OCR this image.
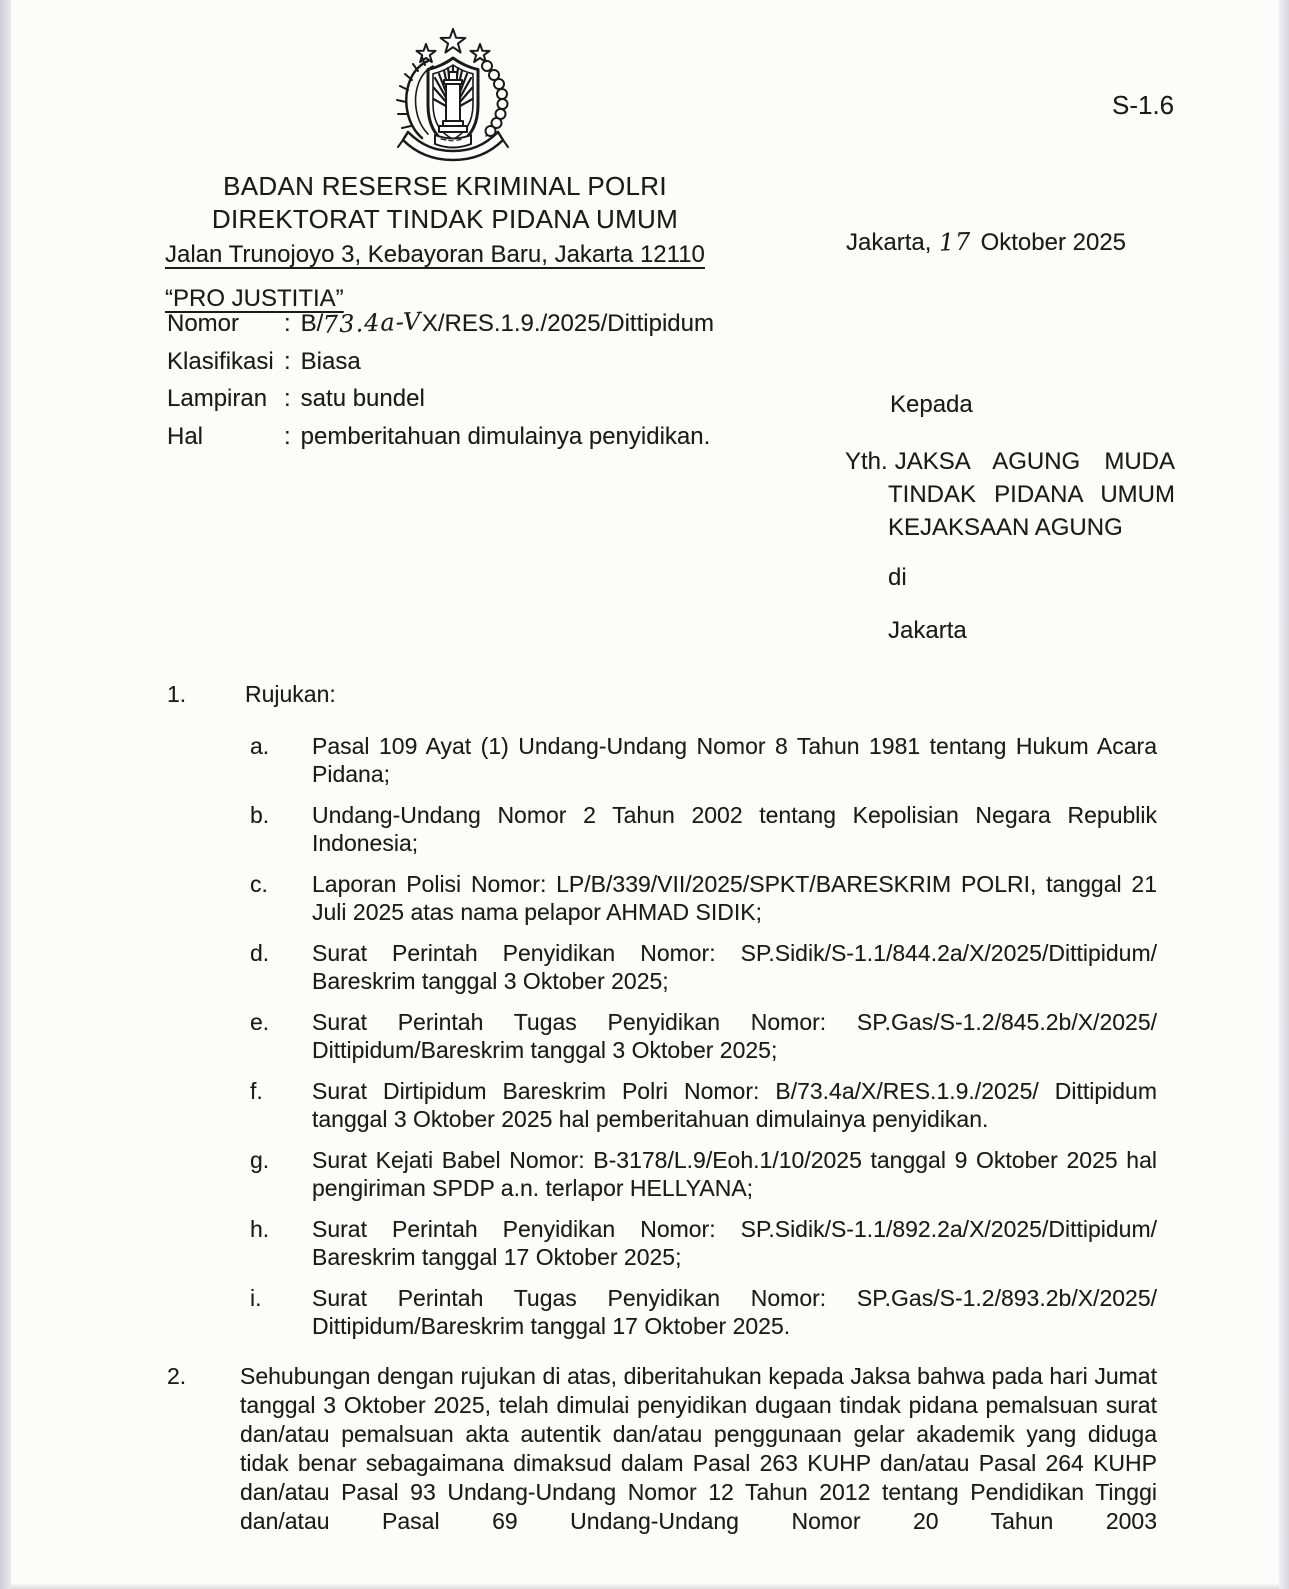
S-1.6
BADAN RESERSE KRIMINAL POLRI
DIREKTORAT TINDAK PIDANA UMUM
Jalan Trunojoyo 3, Kebayoran Baru, Jakarta 12110
“PRO JUSTITIA”
Jakarta, 17 Oktober 2025
Nomor	: B/73.4a-VX/RES.1.9./2025/Dittipidum
Klasifikasi : Biasa
Lampiran : satu bundel
Hal	: pemberitahuan dimulainya penyidikan.
Kepada
Yth. JAKSA AGUNG MUDA
TINDAK PIDANA UMUM
KEJAKSAAN AGUNG
di
Jakarta
1.	Rujukan:
a.	Pasal 109 Ayat (1) Undang-Undang Nomor 8 Tahun 1981 tentang Hukum Acara Pidana;
b.	Undang-Undang Nomor 2 Tahun 2002 tentang Kepolisian Negara Republik Indonesia;
c.	Laporan Polisi Nomor: LP/B/339/VII/2025/SPKT/BARESKRIM POLRI, tanggal 21 Juli 2025 atas nama pelapor AHMAD SIDIK;
d.	Surat Perintah Penyidikan Nomor: SP.Sidik/S-1.1/844.2a/X/2025/Dittipidum/ Bareskrim tanggal 3 Oktober 2025;
e.	Surat Perintah Tugas Penyidikan Nomor: SP.Gas/S-1.2/845.2b/X/2025/ Dittipidum/Bareskrim tanggal 3 Oktober 2025;
f.	Surat Dirtipidum Bareskrim Polri Nomor: B/73.4a/X/RES.1.9./2025/ Dittipidum tanggal 3 Oktober 2025 hal pemberitahuan dimulainya penyidikan.
g.	Surat Kejati Babel Nomor: B-3178/L.9/Eoh.1/10/2025 tanggal 9 Oktober 2025 hal pengiriman SPDP a.n. terlapor HELLYANA;
h.	Surat Perintah Penyidikan Nomor: SP.Sidik/S-1.1/892.2a/X/2025/Dittipidum/ Bareskrim tanggal 17 Oktober 2025;
i.	Surat Perintah Tugas Penyidikan Nomor: SP.Gas/S-1.2/893.2b/X/2025/ Dittipidum/Bareskrim tanggal 17 Oktober 2025.
2.	Sehubungan dengan rujukan di atas, diberitahukan kepada Jaksa bahwa pada hari Jumat tanggal 3 Oktober 2025, telah dimulai penyidikan dugaan tindak pidana pemalsuan surat dan/atau pemalsuan akta autentik dan/atau penggunaan gelar akademik yang diduga tidak benar sebagaimana dimaksud dalam Pasal 263 KUHP dan/atau Pasal 264 KUHP dan/atau Pasal 93 Undang-Undang Nomor 12 Tahun 2012 tentang Pendidikan Tinggi dan/atau Pasal 69 Undang-Undang Nomor 20 Tahun 2003
